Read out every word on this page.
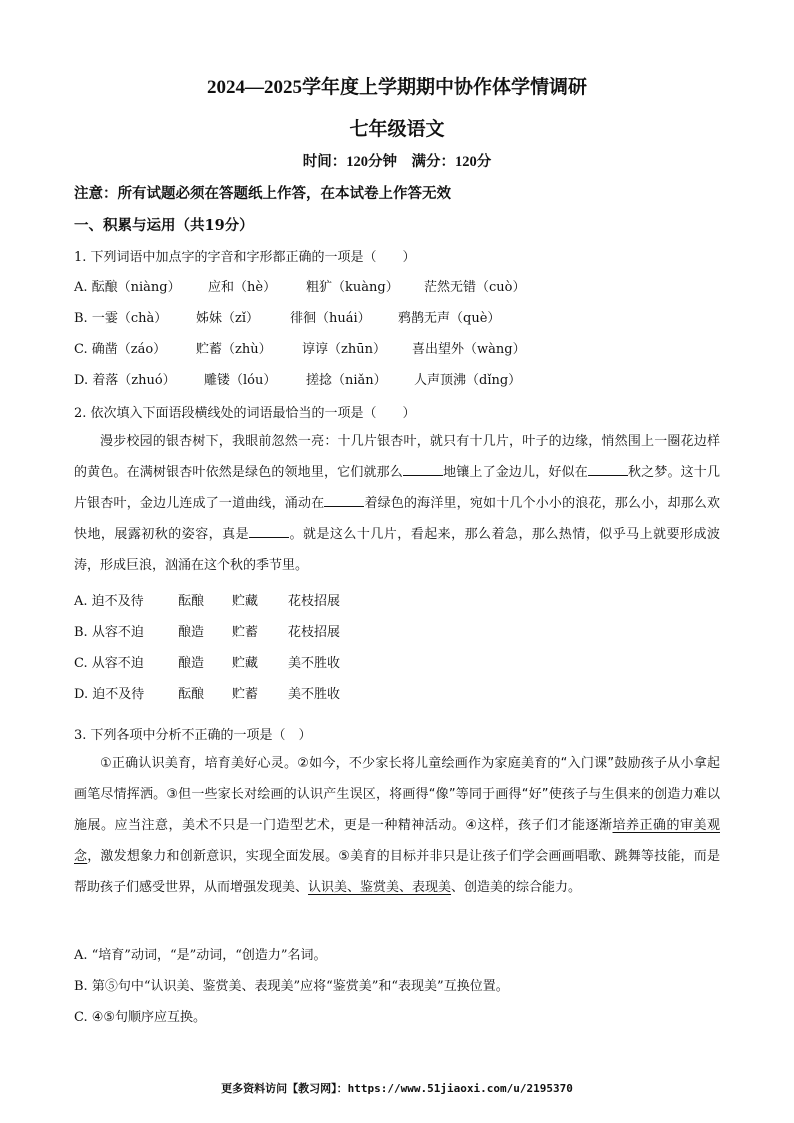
2024—2025学年度上学期期中协作体学情调研
七年级语文
时间：120分钟　满分：120分
注意：所有试题必须在答题纸上作答，在本试卷上作答无效
一、积累与运用（共19分）
1. 下列词语中加点字的字音和字形都正确的一项是（　　）
A. 酝酿（niàng） 应和（hè） 粗犷（kuàng） 茫然无错（cuò）
B. 一霎（chà） 姊妹（zǐ） 徘徊（huái） 鸦鹊无声（què）
C. 确凿（záo） 贮蓄（zhù） 谆谆（zhūn） 喜出望外（wàng）
D. 着落（zhuó） 雕镂（lóu） 搓捻（niǎn） 人声顶沸（dǐng）
2. 依次填入下面语段横线处的词语最恰当的一项是（　　）

漫步校园的银杏树下，我眼前忽然一亮：十几片银杏叶，就只有十几片，叶子的边缘，悄然围上一圈花边样的黄色。在满树银杏叶依然是绿色的领地里，它们就那么	地镶上了金边儿，好似在	秋之梦。这十几片银杏叶，金边儿连成了一道曲线，涌动在	着绿色的海洋里，宛如十几个小小的浪花，那么小，却那么欢快地，展露初秋的姿容，真是	。就是这么十几片，看起来，那么着急，那么热情，似乎马上就要形成波涛，形成巨浪，汹涌在这个秋的季节里。

A. 迫不及待	酝酿 贮藏 花枝招展
B. 从容不迫	酿造 贮蓄 花枝招展
C. 从容不迫	酿造 贮藏 美不胜收
D. 迫不及待	酝酿 贮蓄 美不胜收
3. 下列各项中分析不正确的一项是（　）

①正确认识美育，培育美好心灵。②如今，不少家长将儿童绘画作为家庭美育的“入门课”鼓励孩子从小拿起画笔尽情挥洒。③但一些家长对绘画的认识产生误区，将画得“像”等同于画得“好”使孩子与生俱来的创造力难以施展。应当注意，美术不只是一门造型艺术，更是一种精神活动。④这样，孩子们才能逐渐培养正确的审美观念，激发想象力和创新意识，实现全面发展。⑤美育的目标并非只是让孩子们学会画画唱歌、跳舞等技能，而是帮助孩子们感受世界，从而增强发现美、认识美、鉴赏美、表现美、创造美的综合能力。

A. “培育”动词，“是”动词，“创造力”名词。
B. 第⑤句中“认识美、鉴赏美、表现美”应将“鉴赏美”和“表现美”互换位置。
C. ④⑤句顺序应互换。
更多资料访问【教习网】：https://www.51jiaoxi.com/u/2195370
